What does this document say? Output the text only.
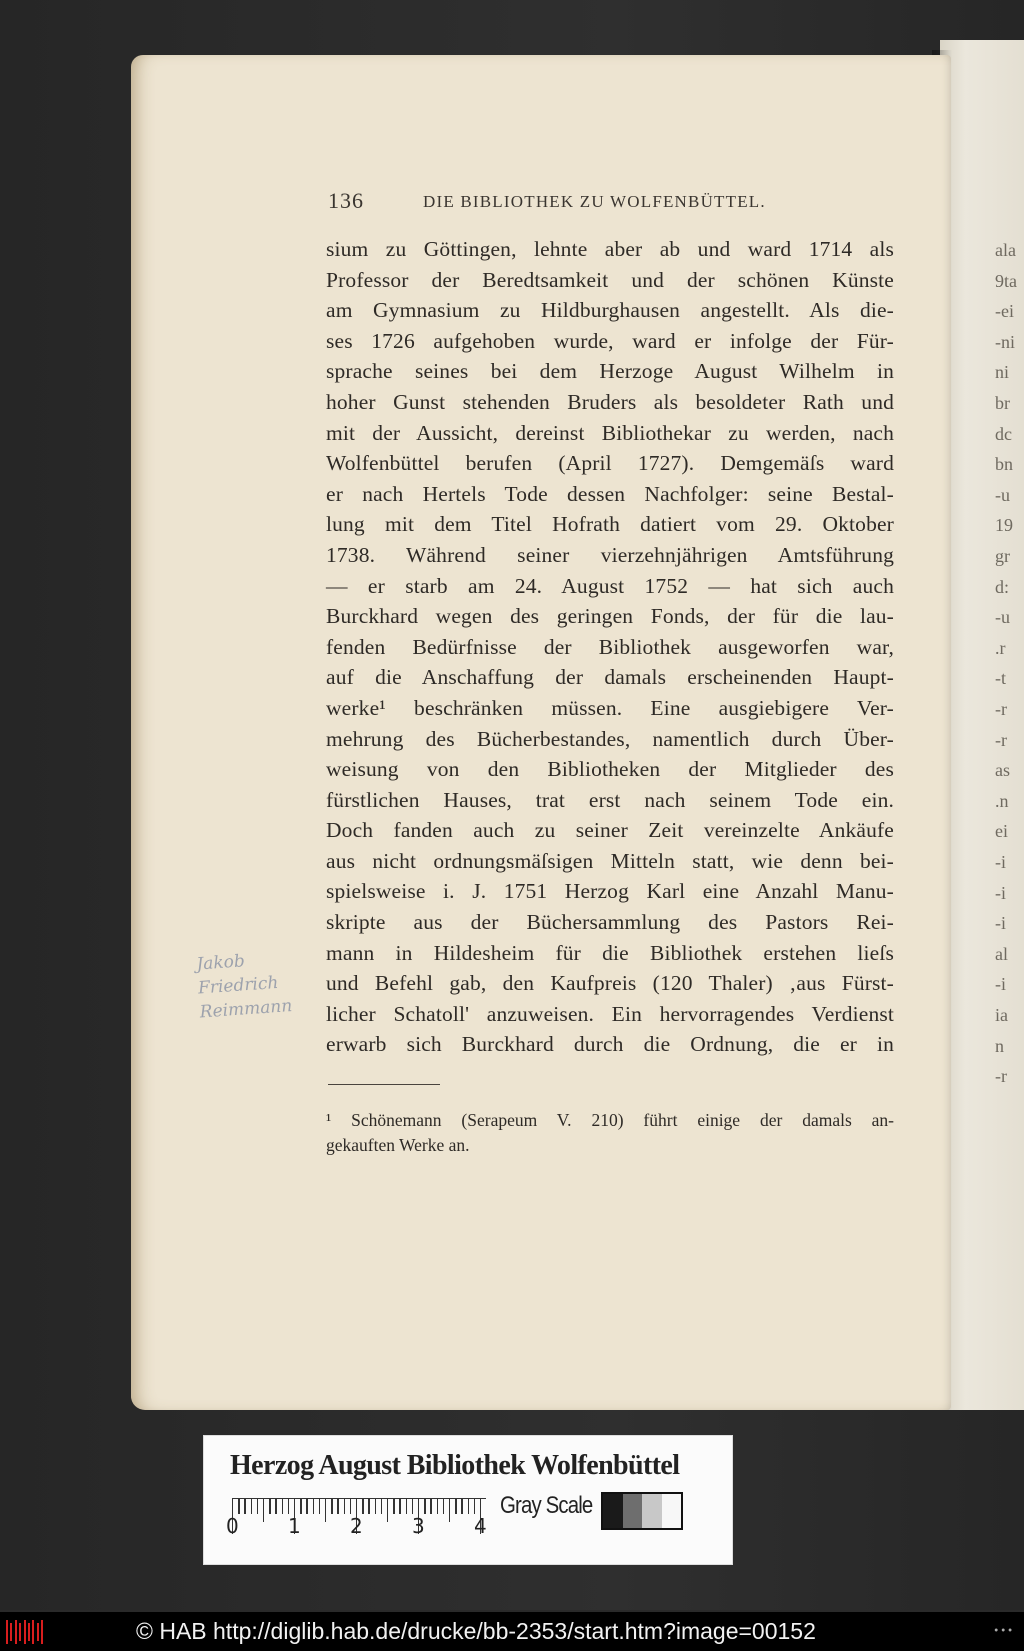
136	DIE BIBLIOTHEK ZU WOLFENBÜTTEL.
sium zu Göttingen, lehnte aber ab und ward 1714 als
Professor der Beredtsamkeit und der schönen Künste
am Gymnasium zu Hildburghausen angestellt. Als die-
ses 1726 aufgehoben wurde, ward er infolge der Für-
sprache seines bei dem Herzoge August Wilhelm in
hoher Gunst stehenden Bruders als besoldeter Rath und
mit der Aussicht, dereinst Bibliothekar zu werden, nach
Wolfenbüttel berufen (April 1727). Demgemäſs ward
er nach Hertels Tode dessen Nachfolger: seine Bestal-
lung mit dem Titel Hofrath datiert vom 29. Oktober
1738. Während seiner vierzehnjährigen Amtsführung
— er starb am 24. August 1752 — hat sich auch
Burckhard wegen des geringen Fonds, der für die lau-
fenden Bedürfnisse der Bibliothek ausgeworfen war,
auf die Anschaffung der damals erscheinenden Haupt-
werke¹ beschränken müssen. Eine ausgiebigere Ver-
mehrung des Bücherbestandes, namentlich durch Über-
weisung von den Bibliotheken der Mitglieder des
fürstlichen Hauses, trat erst nach seinem Tode ein.
Doch fanden auch zu seiner Zeit vereinzelte Ankäufe
aus nicht ordnungsmäſsigen Mitteln statt, wie denn bei-
spielsweise i. J. 1751 Herzog Karl eine Anzahl Manu-
skripte aus der Büchersammlung des Pastors Rei-
mann in Hildesheim für die Bibliothek erstehen lieſs
und Befehl gab, den Kaufpreis (120 Thaler) ‚aus Fürst-
licher Schatoll' anzuweisen. Ein hervorragendes Verdienst
erwarb sich Burckhard durch die Ordnung, die er in
Jakob
Friedrich
Reimmann
¹ Schönemann (Serapeum V. 210) führt einige der damals an-
gekauften Werke an.
Herzog August Bibliothek Wolfenbüttel
Gray Scale
0 1 2 3 4
© HAB http://diglib.hab.de/drucke/bb-2353/start.htm?image=00152	•••
ala
9ta
-ei
-ni
ni
br
dc
bn
-u
19
gr
d:
-u
.r
-t
-r
-r
as
.n
ei
-i
-i
-i
al
-i
ia
n
-r
